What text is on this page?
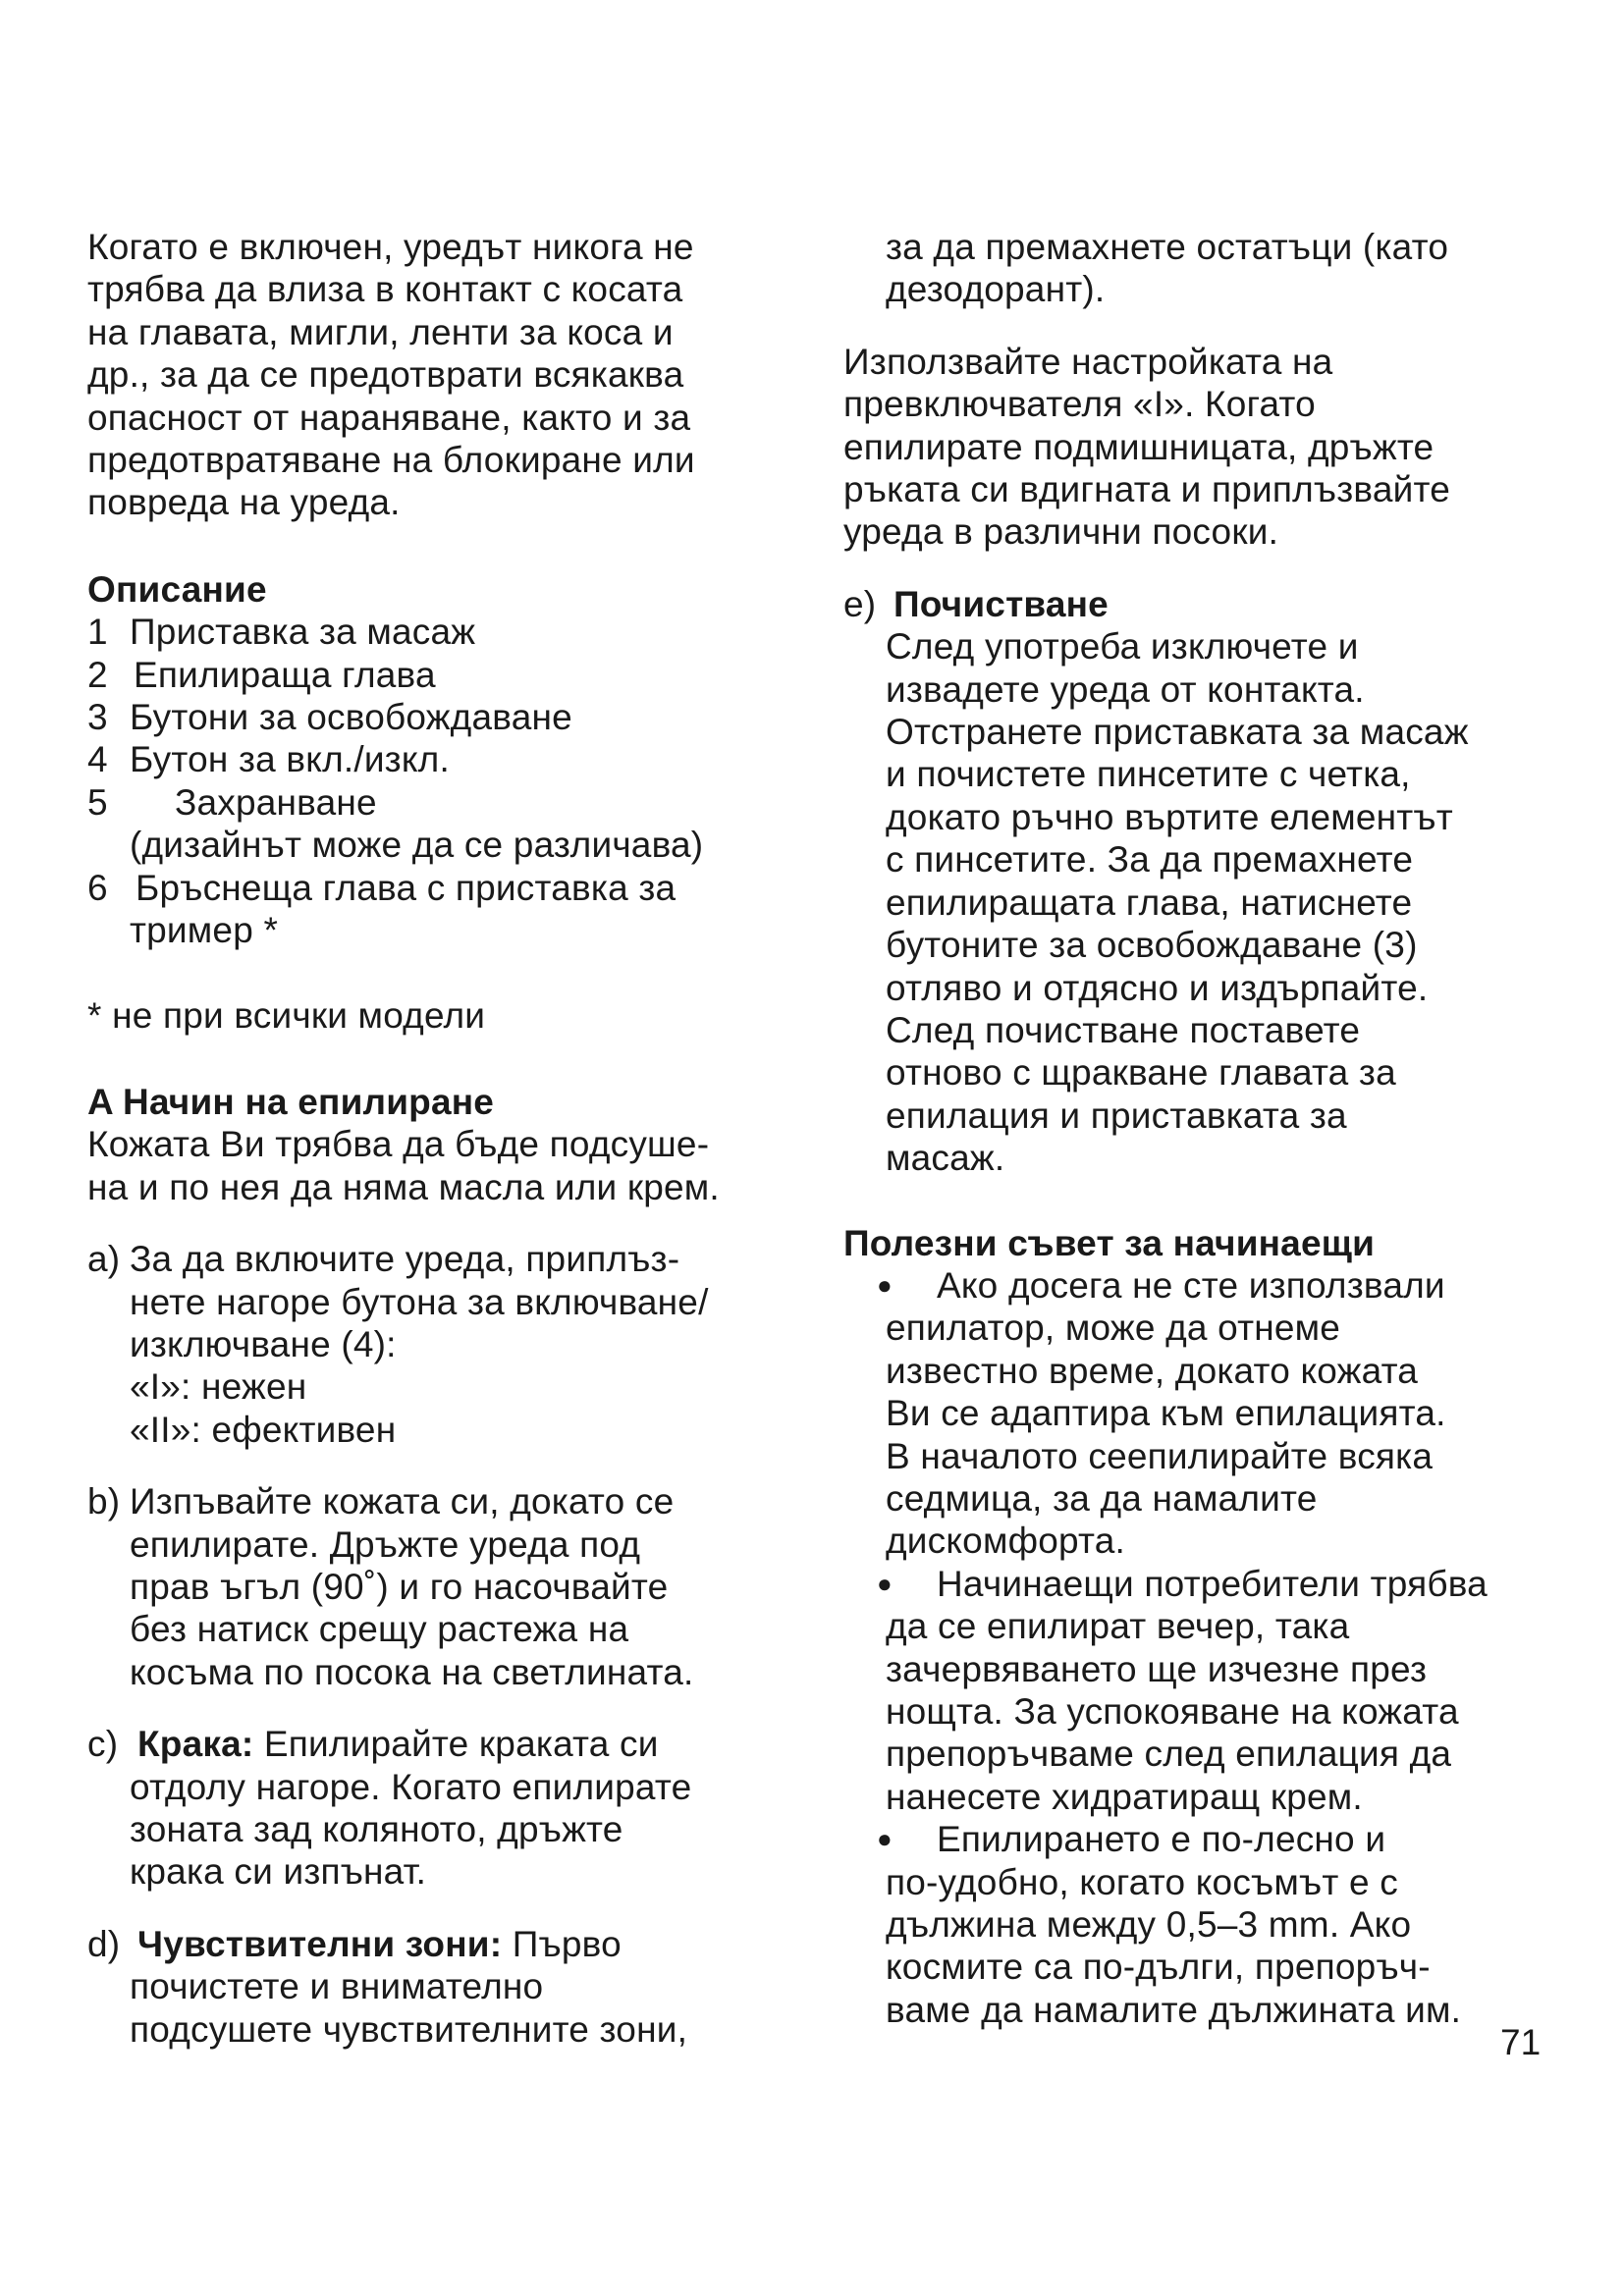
Когато е включен, уредът никога не
трябва да влиза в контакт с косата
на главата, мигли, ленти за коса и
др., за да се предотврати всякаква
опасност от нараняване, както и за
предотвратяване на блокиране или
повреда на уреда.
Описание
1 Приставка за масаж
2 Епилираща глава
3 Бутони за освобождаване
4 Бутон за вкл./изкл.
5 Захранване
(дизайнът може да се различава)
6 Бръснеща глава с приставка за
тример *
* не при всички модели
A Начин на епилиране
Кожата Ви трябва да бъде подсуше-
на и по нея да няма масла или крем.
a) За да включите уреда, приплъз-
нете нагоре бутона за включване/
изключване (4):
«I»: нежен
«II»: ефективен
b) Изпъвайте кожата си, докато се
епилирате. Дръжте уреда под
прав ъгъл (90˚) и го насочвайте
без натиск срещу растежа на
косъма по посока на светлината.
c) Крака: Епилирайте краката си
отдолу нагоре. Когато епилирате
зоната зад коляното, дръжте
крака си изпънат.
d) Чувствителни зони: Първо
почистете и внимателно
подсушете чувствителните зони,
за да премахнете остатъци (като
дезодорант).
Използвайте настройката на
превключвателя «I». Когато
епилирате подмишницата, дръжте
ръката си вдигната и приплъзвайте
уреда в различни посоки.
e) Почистване
След употреба изключете и
извадете уреда от контакта.
Отстранете приставката за масаж
и почистете пинсетите с четка,
докато ръчно въртите елементът
с пинсетите. За да премахнете
епилиращата глава, натиснете
бутоните за освобождаване (3)
отляво и отдясно и издърпайте.
След почистване поставете
отново с щракване главата за
епилация и приставката за
масаж.
Полезни съвет за начинаещи
● Ако досега не сте използвали
епилатор, може да отнеме
известно време, докато кожата
Ви се адаптира към епилацията.
В началото сеепилирайте всяка
седмица, за да намалите
дискомфорта.
● Начинаещи потребители трябва
да се епилират вечер, така
зачервяването ще изчезне през
нощта. За успокояване на кожата
препоръчваме след епилация да
нанесете хидратиращ крем.
● Епилирането е по-лесно и
по-удобно, когато косъмът е с
дължина между 0,5–3 mm. Ако
космите са по-дълги, препоръч-
ваме да намалите дължината им.
71
